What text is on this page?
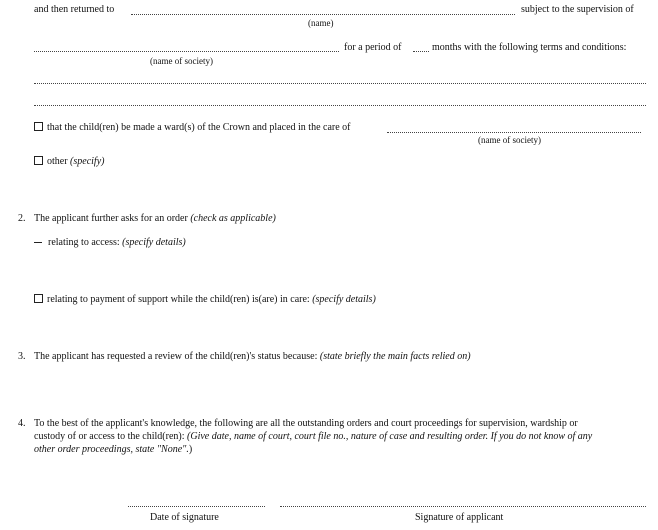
and then returned to	subject to the supervision of
(name)
for a period of	months with the following terms and conditions:
(name of society)
that the child(ren) be made a ward(s) of the Crown and placed in the care of
(name of society)
other (specify)
2. The applicant further asks for an order (check as applicable)
relating to access: (specify details)
relating to payment of support while the child(ren) is(are) in care: (specify details)
3. The applicant has requested a review of the child(ren)'s status because: (state briefly the main facts relied on)
4. To the best of the applicant's knowledge, the following are all the outstanding orders and court proceedings for supervision, wardship or
custody of or access to the child(ren): (Give date, name of court, court file no., nature of case and resulting order. If you do not know of any
other order proceedings, state "None".)
Date of signature	Signature of applicant
